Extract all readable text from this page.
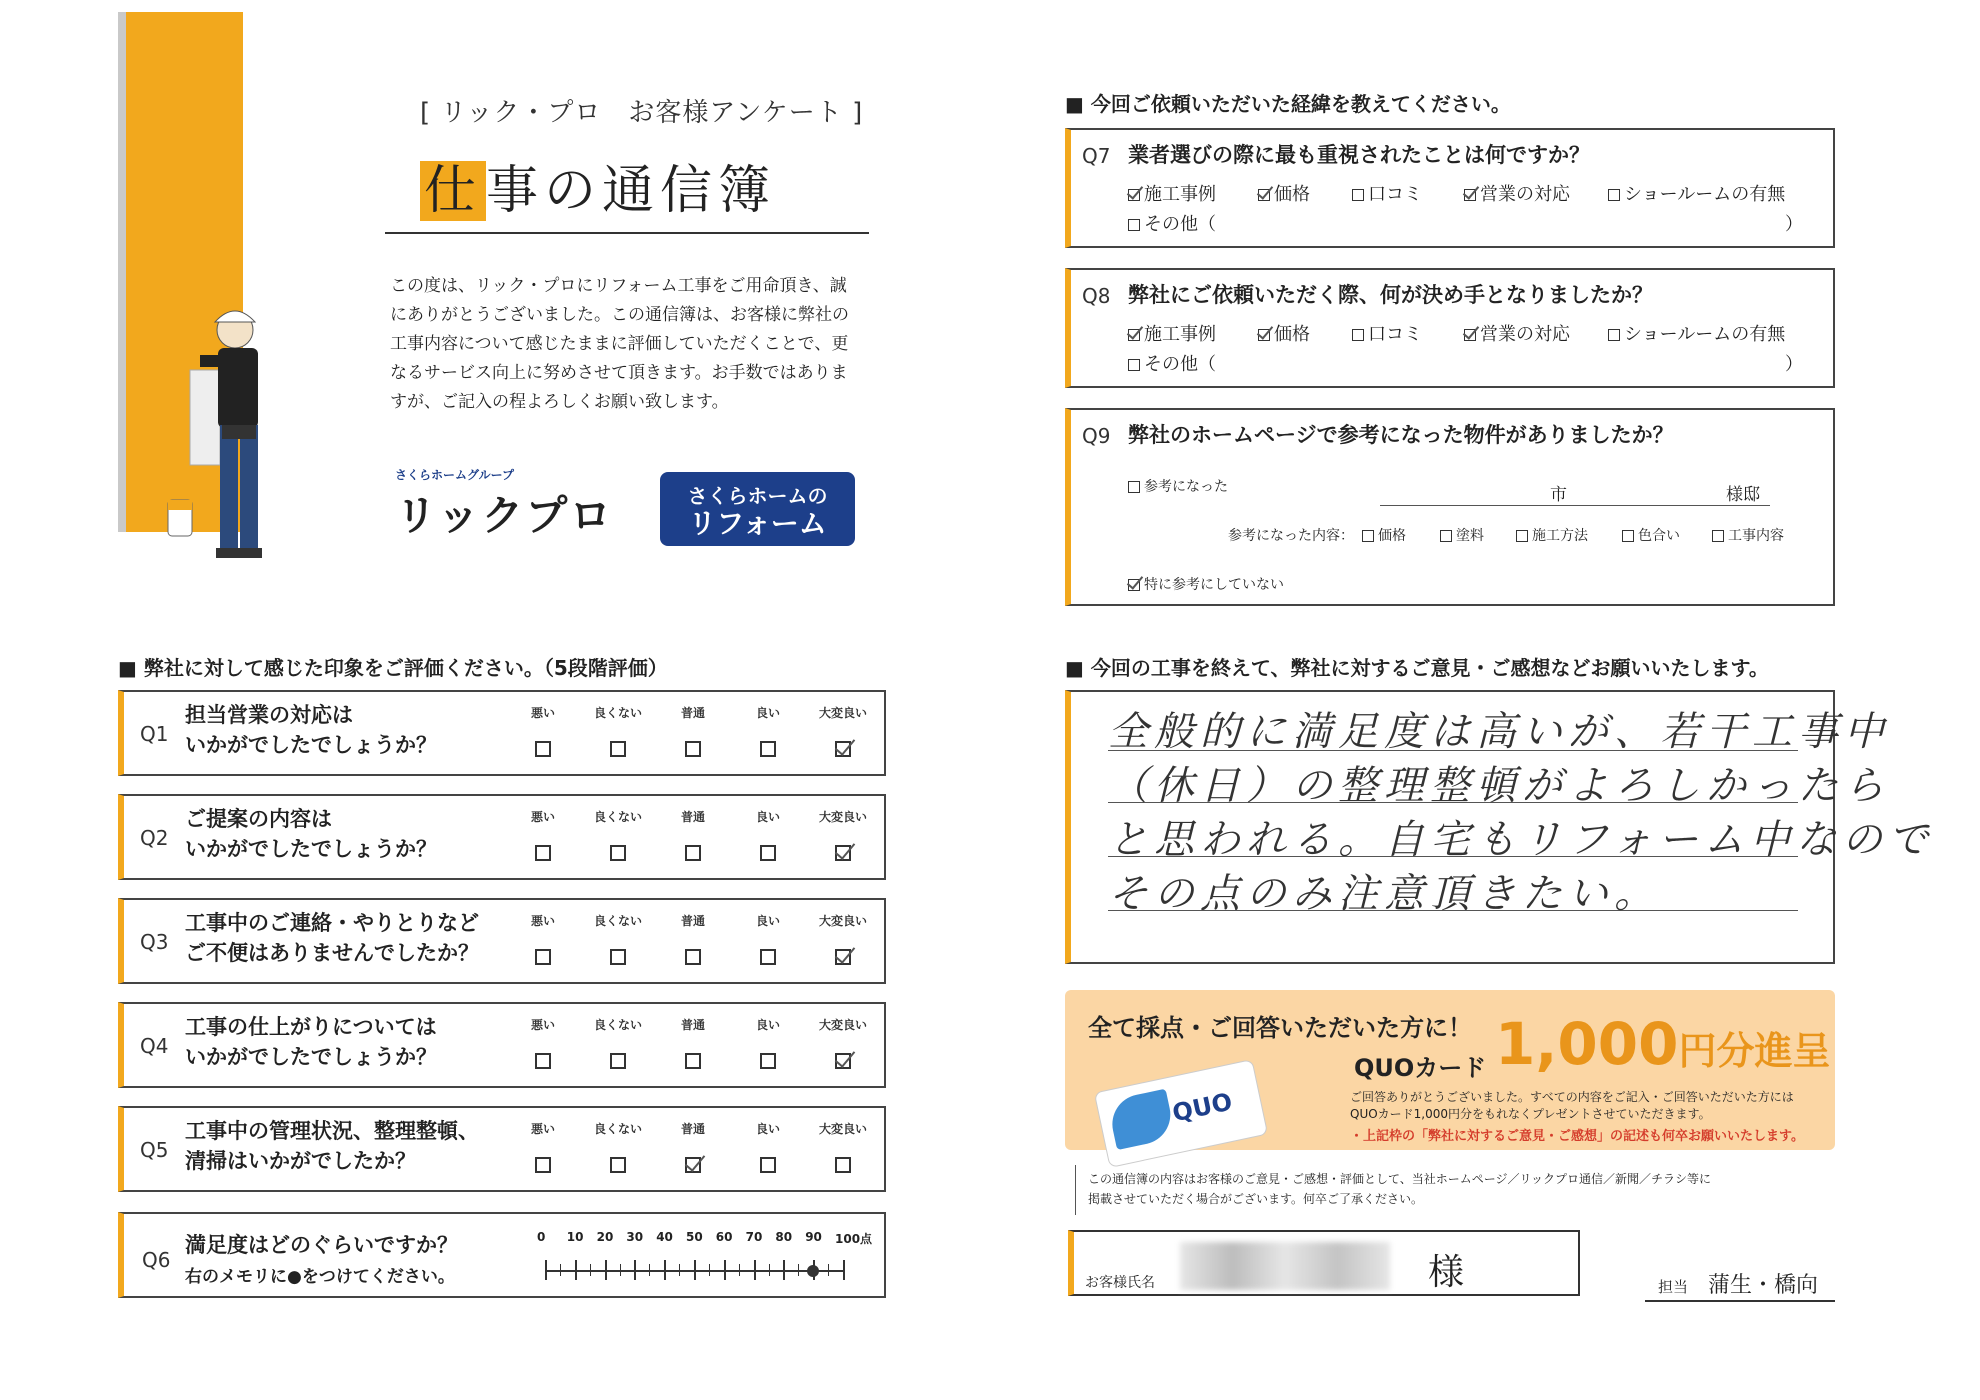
[ リック・プロ　お客様アンケート ]
仕事の通信簿
この度は、リック・プロにリフォーム工事をご用命頂き、誠
にありがとうございました。この通信簿は、お客様に弊社の
工事内容について感じたままに評価していただくことで、更
なるサービス向上に努めさせて頂きます。お手数ではありま
すが、ご記入の程よろしくお願い致します。
さくらホームグループ
リックプロ	さくらホームの
リフォーム
■ 弊社に対して感じた印象をご評価ください。（5段階評価）
Q1
担当営業の対応は
いかがでしたでしょうか？
悪い	良くない	普通	良い	大変良い
Q2
ご提案の内容は
いかがでしたでしょうか？
悪い	良くない	普通	良い	大変良い
Q3
工事中のご連絡・やりとりなど
ご不便はありませんでしたか？
悪い	良くない	普通	良い	大変良い
Q4
工事の仕上がりについては
いかがでしたでしょうか？
悪い	良くない	普通	良い	大変良い
Q5
工事中の管理状況、整理整頓、
清掃はいかがでしたか？
悪い	良くない	普通	良い	大変良い
Q6
満足度はどのぐらいですか？
右のメモリに●をつけてください。
0 10 20 30 40 50 60 70 80 90 100点
■ 今回ご依頼いただいた経緯を教えてください。
Q7 業者選びの際に最も重視されたことは何ですか？
施工事例	価格	口コミ	営業の対応	ショールームの有無
その他（	）
Q8 弊社にご依頼いただく際、何が決め手となりましたか？
施工事例	価格	口コミ	営業の対応	ショールームの有無
その他（	）
Q9 弊社のホームページで参考になった物件がありましたか？
参考になった	市	様邸
参考になった内容：	価格	塗料	施工方法	色合い	工事内容
特に参考にしていない
■ 今回の工事を終えて、弊社に対するご意見・ご感想などお願いいたします。
全般的に満足度は高いが、若干工事中
（休日）の整理整頓がよろしかったら
と思われる。自宅もリフォーム中なので
その点のみ注意頂きたい。
全て採点・ご回答いただいた方に！
QUOカード 1,000円分進呈
QUO	ご回答ありがとうございました。すべての内容をご記入・ご回答いただいた方には
QUOカード1,000円分をもれなくプレゼントさせていただきます。
・上記枠の「弊社に対するご意見・ご感想」の記述も何卒お願いいたします。
この通信簿の内容はお客様のご意見・ご感想・評価として、当社ホームページ／リックプロ通信／新聞／チラシ等に
掲載させていただく場合がございます。何卒ご了承ください。
お客様氏名	様	担当 蒲生・橋向
